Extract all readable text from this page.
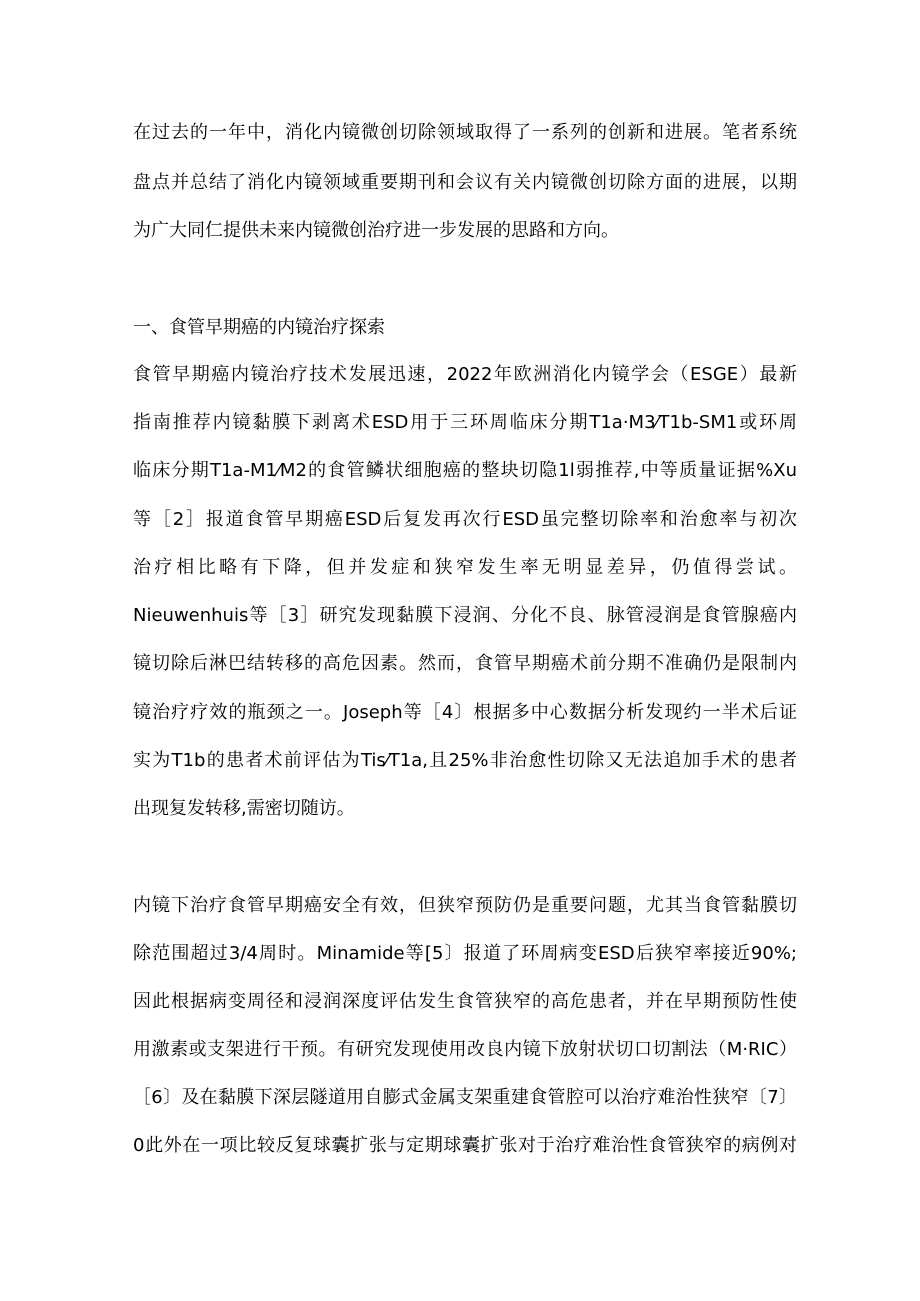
在过去的一年中，消化内镜微创切除领域取得了一系列的创新和进展。笔者系统
盘点并总结了消化内镜领域重要期刊和会议有关内镜微创切除方面的进展，以期
为广大同仁提供未来内镜微创治疗进一步发展的思路和方向。
一、食管早期癌的内镜治疗探索
食管早期癌内镜治疗技术发展迅速，2022年欧洲消化内镜学会（ESGE）最新
指南推荐内镜黏膜下剥离术ESD用于三环周临床分期T1a·M3⁄T1b-SM1或环周
临床分期T1a-M1⁄M2的食管鳞状细胞癌的整块切隐1l弱推荐,中等质量证据%Xu
等［2］报道食管早期癌ESD后复发再次行ESD虽完整切除率和治愈率与初次
治疗相比略有下降，但并发症和狭窄发生率无明显差异，仍值得尝试。
Nieuwenhuis等［3］研究发现黏膜下浸润、分化不良、脉管浸润是食管腺癌内
镜切除后淋巴结转移的高危因素。然而，食管早期癌术前分期不准确仍是限制内
镜治疗疗效的瓶颈之一。Joseph等［4〕根据多中心数据分析发现约一半术后证
实为T1b的患者术前评估为Tis⁄T1a,且25%非治愈性切除又无法追加手术的患者
出现复发转移,需密切随访。
内镜下治疗食管早期癌安全有效，但狭窄预防仍是重要问题，尤其当食管黏膜切
除范围超过3/4周时。Minamide等[5〕报道了环周病变ESD后狭窄率接近90%;
因此根据病变周径和浸润深度评估发生食管狭窄的高危患者，并在早期预防性使
用激素或支架进行干预。有研究发现使用改良内镜下放射状切口切割法（M·RIC）
［6〕及在黏膜下深层隧道用自膨式金属支架重建食管腔可以治疗难治性狭窄〔7〕
0此外在一项比较反复球囊扩张与定期球囊扩张对于治疗难治性食管狭窄的病例对
